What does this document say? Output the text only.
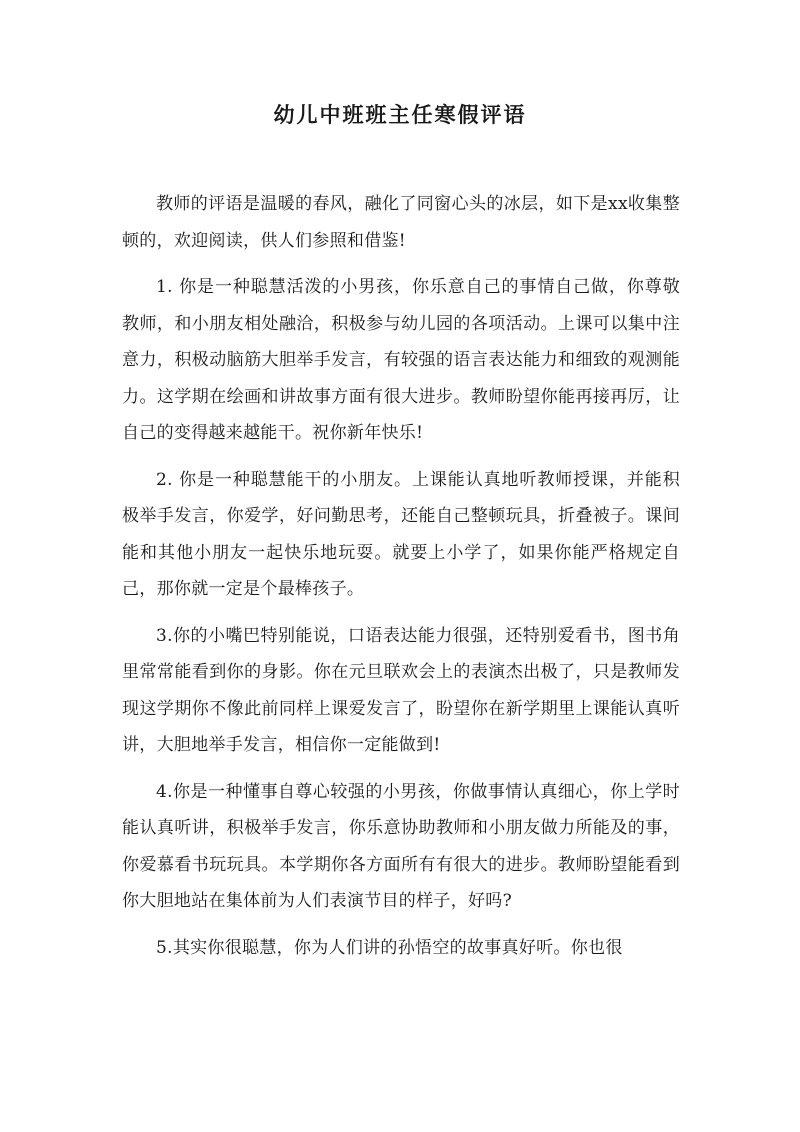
幼儿中班班主任寒假评语

教师的评语是温暖的春风，融化了同窗心头的冰层，如下是xx收集整顿的，欢迎阅读，供人们参照和借鉴!

1. 你是一种聪慧活泼的小男孩，你乐意自己的事情自己做，你尊敬教师，和小朋友相处融洽，积极参与幼儿园的各项活动。上课可以集中注意力，积极动脑筋大胆举手发言，有较强的语言表达能力和细致的观测能力。这学期在绘画和讲故事方面有很大进步。教师盼望你能再接再厉，让自己的变得越来越能干。祝你新年快乐!

2. 你是一种聪慧能干的小朋友。上课能认真地听教师授课，并能积极举手发言，你爱学，好问勤思考，还能自己整顿玩具，折叠被子。课间能和其他小朋友一起快乐地玩耍。就要上小学了，如果你能严格规定自己，那你就一定是个最棒孩子。

3.你的小嘴巴特别能说，口语表达能力很强，还特别爱看书，图书角里常常能看到你的身影。你在元旦联欢会上的表演杰出极了，只是教师发现这学期你不像此前同样上课爱发言了，盼望你在新学期里上课能认真听讲，大胆地举手发言，相信你一定能做到!

4.你是一种懂事自尊心较强的小男孩，你做事情认真细心，你上学时能认真听讲，积极举手发言，你乐意协助教师和小朋友做力所能及的事，你爱慕看书玩玩具。本学期你各方面所有有很大的进步。教师盼望能看到你大胆地站在集体前为人们表演节目的样子，好吗?

5.其实你很聪慧，你为人们讲的孙悟空的故事真好听。你也很
